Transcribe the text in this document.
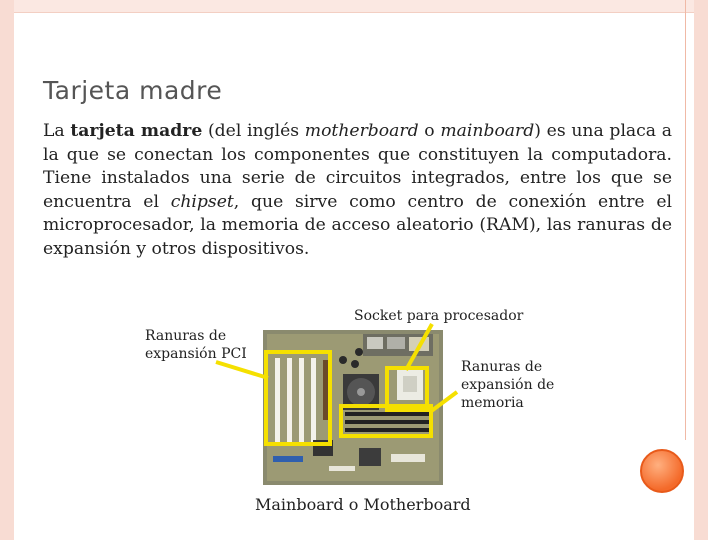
Tarjeta madre

La tarjeta madre (del inglés motherboard o mainboard) es una placa a la que se conectan los componentes que constituyen la computadora. Tiene instalados una serie de circuitos integrados, entre los que se encuentra el chipset, que sirve como centro de conexión entre el microprocesador, la memoria de acceso aleatorio (RAM), las ranuras de expansión y otros dispositivos.

Socket para procesador
Ranuras de
expansión PCI
Ranuras de
expansión de
memoria
Mainboard o Motherboard
